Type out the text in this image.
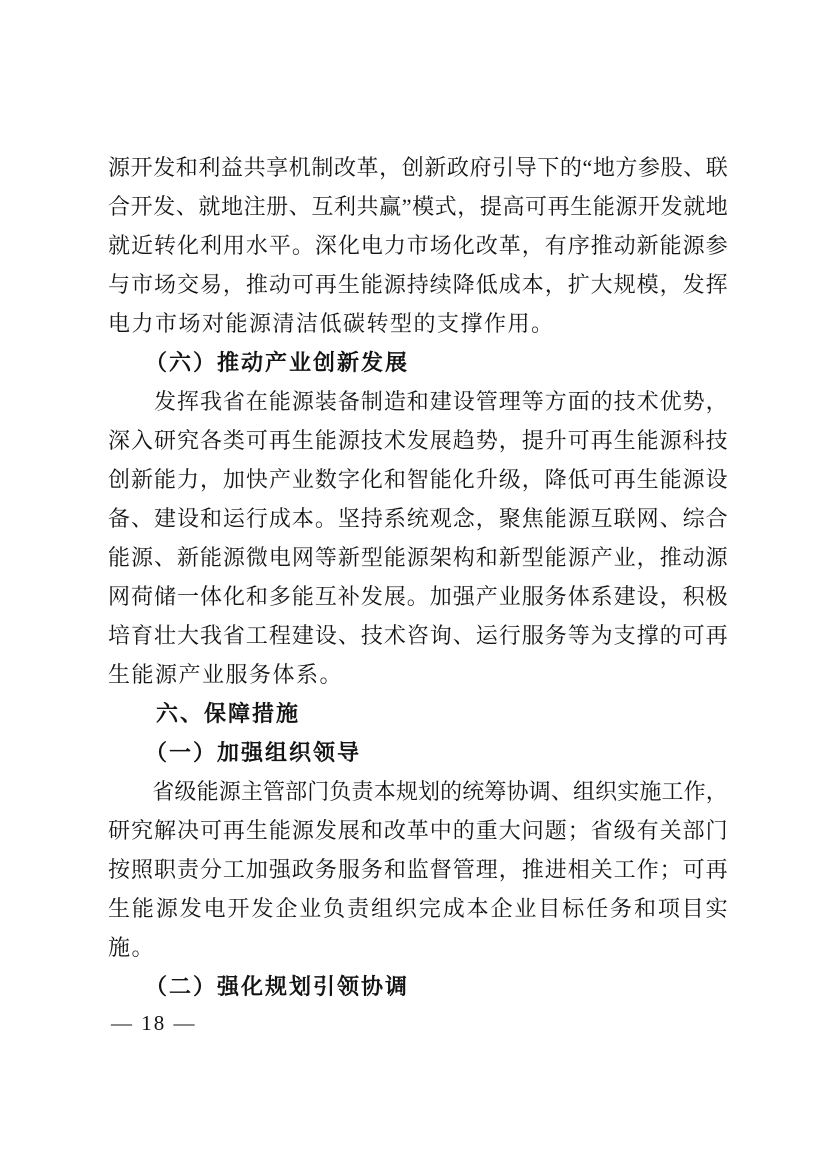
源 开 发 和 利 益 共 享 机 制 改 革 ， 创 新 政 府 引 导 下 的 “ 地 方 参 股 、 联
合 开 发 、 就 地 注 册 、 互 利 共 赢 ” 模 式 ， 提 高 可 再 生 能 源 开 发 就 地
就 近 转 化 利 用 水 平 。 深 化 电 力 市 场 化 改 革 ， 有 序 推 动 新 能 源 参
与 市 场 交 易 ， 推 动 可 再 生 能 源 持 续 降 低 成 本 ， 扩 大 规 模 ， 发 挥
电力市场对能源清洁低碳转型的支撑作用。
　　（六）推动产业创新发展

发 挥 我 省 在 能 源 装 备 制 造 和 建 设 管 理 等 方 面 的 技 术 优 势 ，
深 入 研 究 各 类 可 再 生 能 源 技 术 发 展 趋 势 ， 提 升 可 再 生 能 源 科 技
创 新 能 力 ， 加 快 产 业 数 字 化 和 智 能 化 升 级 ， 降 低 可 再 生 能 源 设
备 、 建 设 和 运 行 成 本 。 坚 持 系 统 观 念 ， 聚 焦 能 源 互 联 网 、 综 合
能 源 、 新 能 源 微 电 网 等 新 型 能 源 架 构 和 新 型 能 源 产 业 ， 推 动 源
网 荷 储 一 体 化 和 多 能 互 补 发 展 。 加 强 产 业 服 务 体 系 建 设 ， 积 极
培 育 壮 大 我 省 工 程 建 设 、 技 术 咨 询 、 运 行 服 务 等 为 支 撑 的 可 再
生能源产业服务体系。
　　六、保障措施
　　（一）加强组织领导

省 级 能 源 主 管 部 门 负 责 本 规 划 的 统 筹 协 调 、 组 织 实 施 工 作 ，
研 究 解 决 可 再 生 能 源 发 展 和 改 革 中 的 重 大 问 题 ； 省 级 有 关 部 门
按 照 职 责 分 工 加 强 政 务 服 务 和 监 督 管 理 ， 推 进 相 关 工 作 ； 可 再
生 能 源 发 电 开 发 企 业 负 责 组 织 完 成 本 企 业 目 标 任 务 和 项 目 实
施。
　　（二）强化规划引领协调
— 18 —
